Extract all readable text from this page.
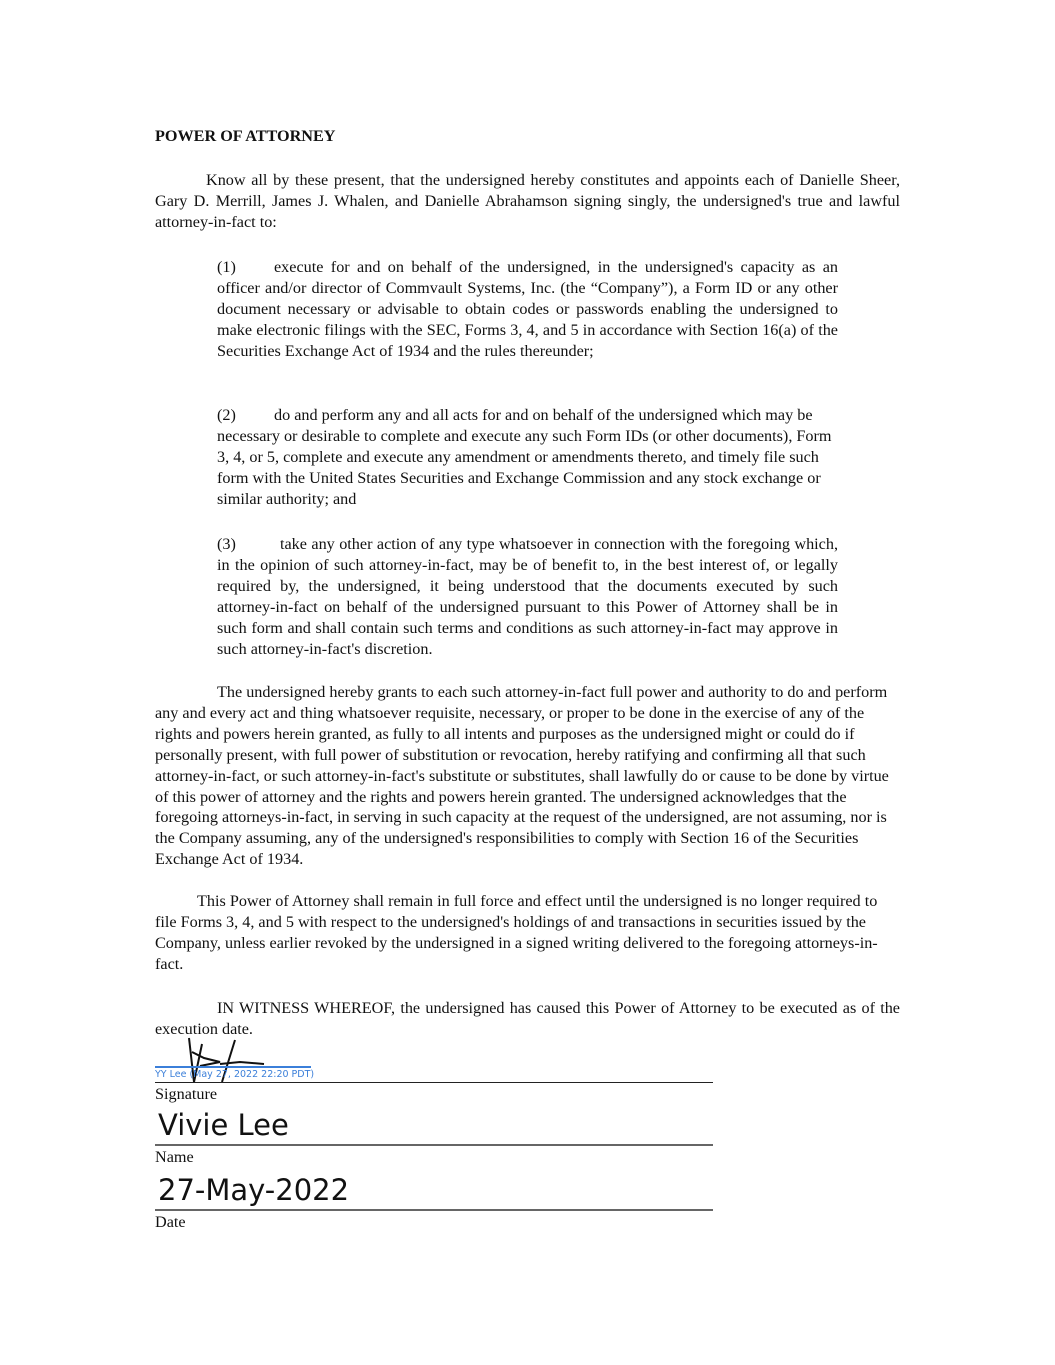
POWER OF ATTORNEY

Know all by these present, that the undersigned hereby constitutes and appoints each of Danielle Sheer, Gary D. Merrill, James J. Whalen, and Danielle Abrahamson signing singly, the undersigned's true and lawful attorney-in-fact to:

(1) execute for and on behalf of the undersigned, in the undersigned's capacity as an officer and/or director of Commvault Systems, Inc. (the “Company”), a Form ID or any other document necessary or advisable to obtain codes or passwords enabling the undersigned to make electronic filings with the SEC, Forms 3, 4, and 5 in accordance with Section 16(a) of the Securities Exchange Act of 1934 and the rules thereunder;

(2) do and perform any and all acts for and on behalf of the undersigned which may be necessary or desirable to complete and execute any such Form IDs (or other documents), Form 3, 4, or 5, complete and execute any amendment or amendments thereto, and timely file such form with the United States Securities and Exchange Commission and any stock exchange or similar authority; and

(3)	take any other action of any type whatsoever in connection with the foregoing which, in the opinion of such attorney-in-fact, may be of benefit to, in the best interest of, or legally required by, the undersigned, it being understood that the documents executed by such attorney-in-fact on behalf of the undersigned pursuant to this Power of Attorney shall be in such form and shall contain such terms and conditions as such attorney-in-fact may approve in such attorney-in-fact's discretion.

The undersigned hereby grants to each such attorney-in-fact full power and authority to do and perform any and every act and thing whatsoever requisite, necessary, or proper to be done in the exercise of any of the rights and powers herein granted, as fully to all intents and purposes as the undersigned might or could do if personally present, with full power of substitution or revocation, hereby ratifying and confirming all that such attorney-in-fact, or such attorney-in-fact's substitute or substitutes, shall lawfully do or cause to be done by virtue of this power of attorney and the rights and powers herein granted. The undersigned acknowledges that the foregoing attorneys-in-fact, in serving in such capacity at the request of the undersigned, are not assuming, nor is the Company assuming, any of the undersigned's responsibilities to comply with Section 16 of the Securities Exchange Act of 1934.

This Power of Attorney shall remain in full force and effect until the undersigned is no longer required to file Forms 3, 4, and 5 with respect to the undersigned's holdings of and transactions in securities issued by the Company, unless earlier revoked by the undersigned in a signed writing delivered to the foregoing attorneys-in-fact.

IN WITNESS WHEREOF, the undersigned has caused this Power of Attorney to be executed as of the execution date.

YY Lee (May 27, 2022 22:20 PDT)
Signature
Vivie Lee
Name
27-May-2022
Date
